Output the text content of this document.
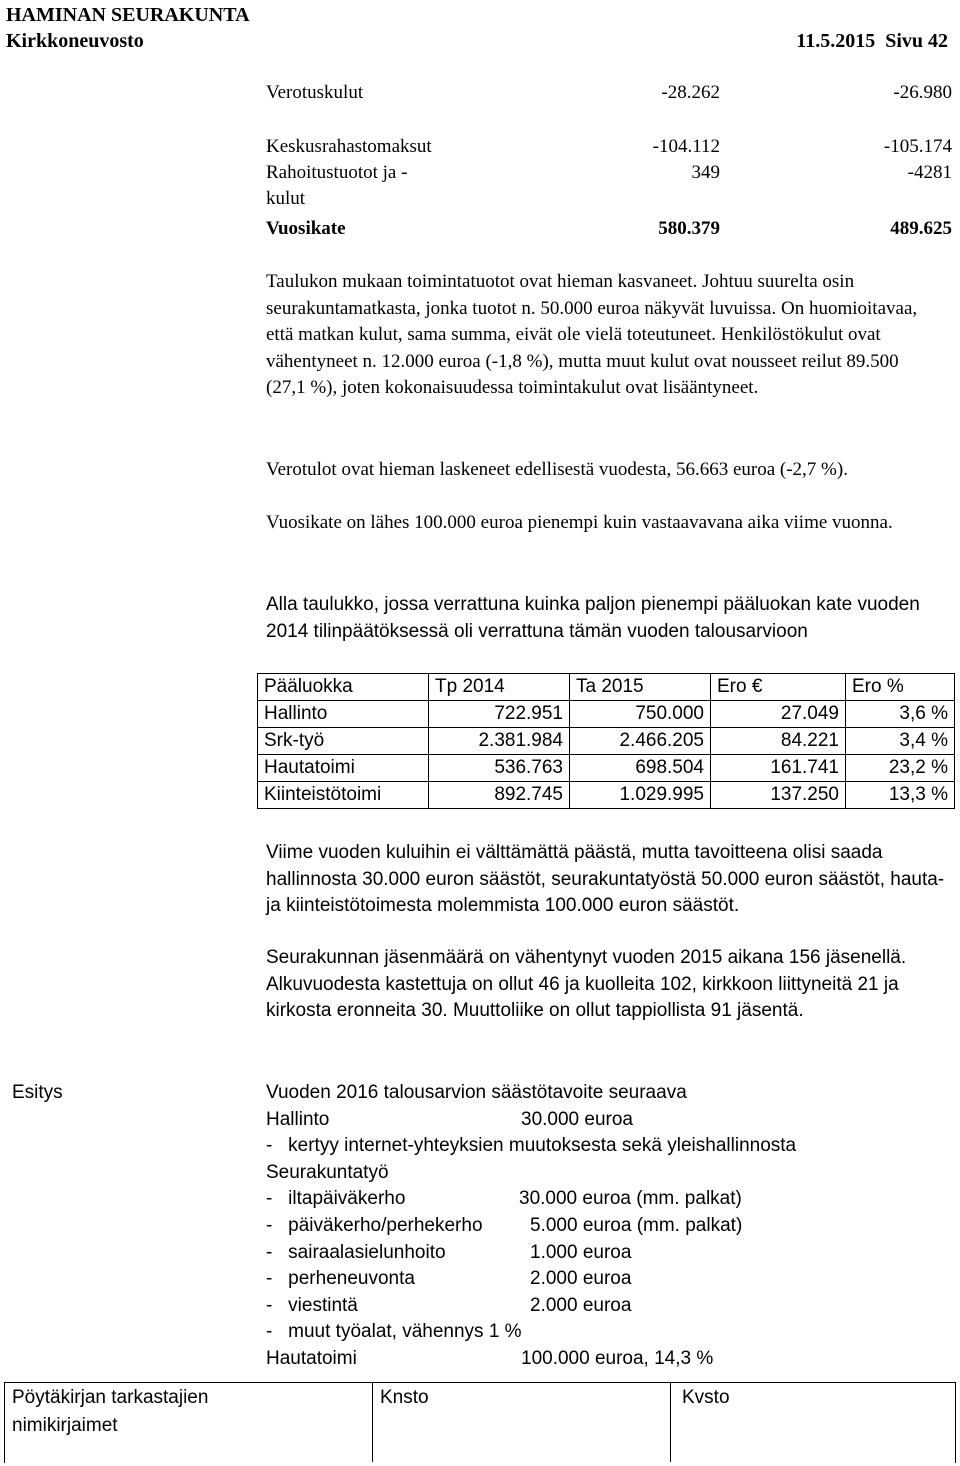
HAMINAN SEURAKUNTA
Kirkkoneuvosto	11.5.2015  Sivu 42
Verotuskulut	-28.262	-26.980
Keskusrahastomaksut	-104.112	-105.174
Rahoitustuotot ja -
kulut
349	-4281
Vuosikate	580.379	489.625

Taulukon mukaan toimintatuotot ovat hieman kasvaneet. Johtuu suurelta osin seurakuntamatkasta, jonka tuotot n. 50.000 euroa näkyvät luvuissa. On huomioitavaa, että matkan kulut, sama summa, eivät ole vielä toteutuneet. Henkilöstökulut ovat vähentyneet n. 12.000 euroa (-1,8 %), mutta muut kulut ovat nousseet reilut 89.500 (27,1 %), joten kokonaisuudessa toimintakulut ovat lisääntyneet.

Verotulot ovat hieman laskeneet edellisestä vuodesta, 56.663 euroa (-2,7 %).

Vuosikate on lähes 100.000 euroa pienempi kuin vastaavavana aika viime vuonna.

Alla taulukko, jossa verrattuna kuinka paljon pienempi pääluokan kate vuoden 2014 tilinpäätöksessä oli verrattuna tämän vuoden talousarvioon

Pääluokka	Tp 2014	Ta 2015	Ero €	Ero %
Hallinto	722.951	750.000	27.049	3,6 %
Srk-työ	2.381.984	2.466.205	84.221	3,4 %
Hautatoimi	536.763	698.504	161.741	23,2 %
Kiinteistötoimi	892.745	1.029.995	137.250	13,3 %

Viime vuoden kuluihin ei välttämättä päästä, mutta tavoitteena olisi saada hallinnosta 30.000 euron säästöt, seurakuntatyöstä 50.000 euron säästöt, hauta- ja kiinteistötoimesta molemmista 100.000 euron säästöt.

Seurakunnan jäsenmäärä on vähentynyt vuoden 2015 aikana 156 jäsenellä. Alkuvuodesta kastettuja on ollut 46 ja kuolleita 102, kirkkoon liittyneitä 21 ja kirkosta eronneita 30. Muuttoliike on ollut tappiollista 91 jäsentä.

Esitys	Vuoden 2016 talousarvion säästötavoite seuraava
Hallinto	30.000 euroa
-   kertyy internet-yhteyksien muutoksesta sekä yleishallinnosta
Seurakuntatyö
-   iltapäiväkerho	30.000 euroa (mm. palkat)
-   päiväkerho/perhekerho 5.000 euroa (mm. palkat)
-   sairaalasielunhoito	1.000 euroa
-   perheneuvonta	2.000 euroa
-   viestintä	2.000 euroa
-   muut työalat, vähennys 1 %
Hautatoimi	100.000 euroa, 14,3 %
Pöytäkirjan tarkastajien
nimikirjaimet
Knsto	Kvsto
